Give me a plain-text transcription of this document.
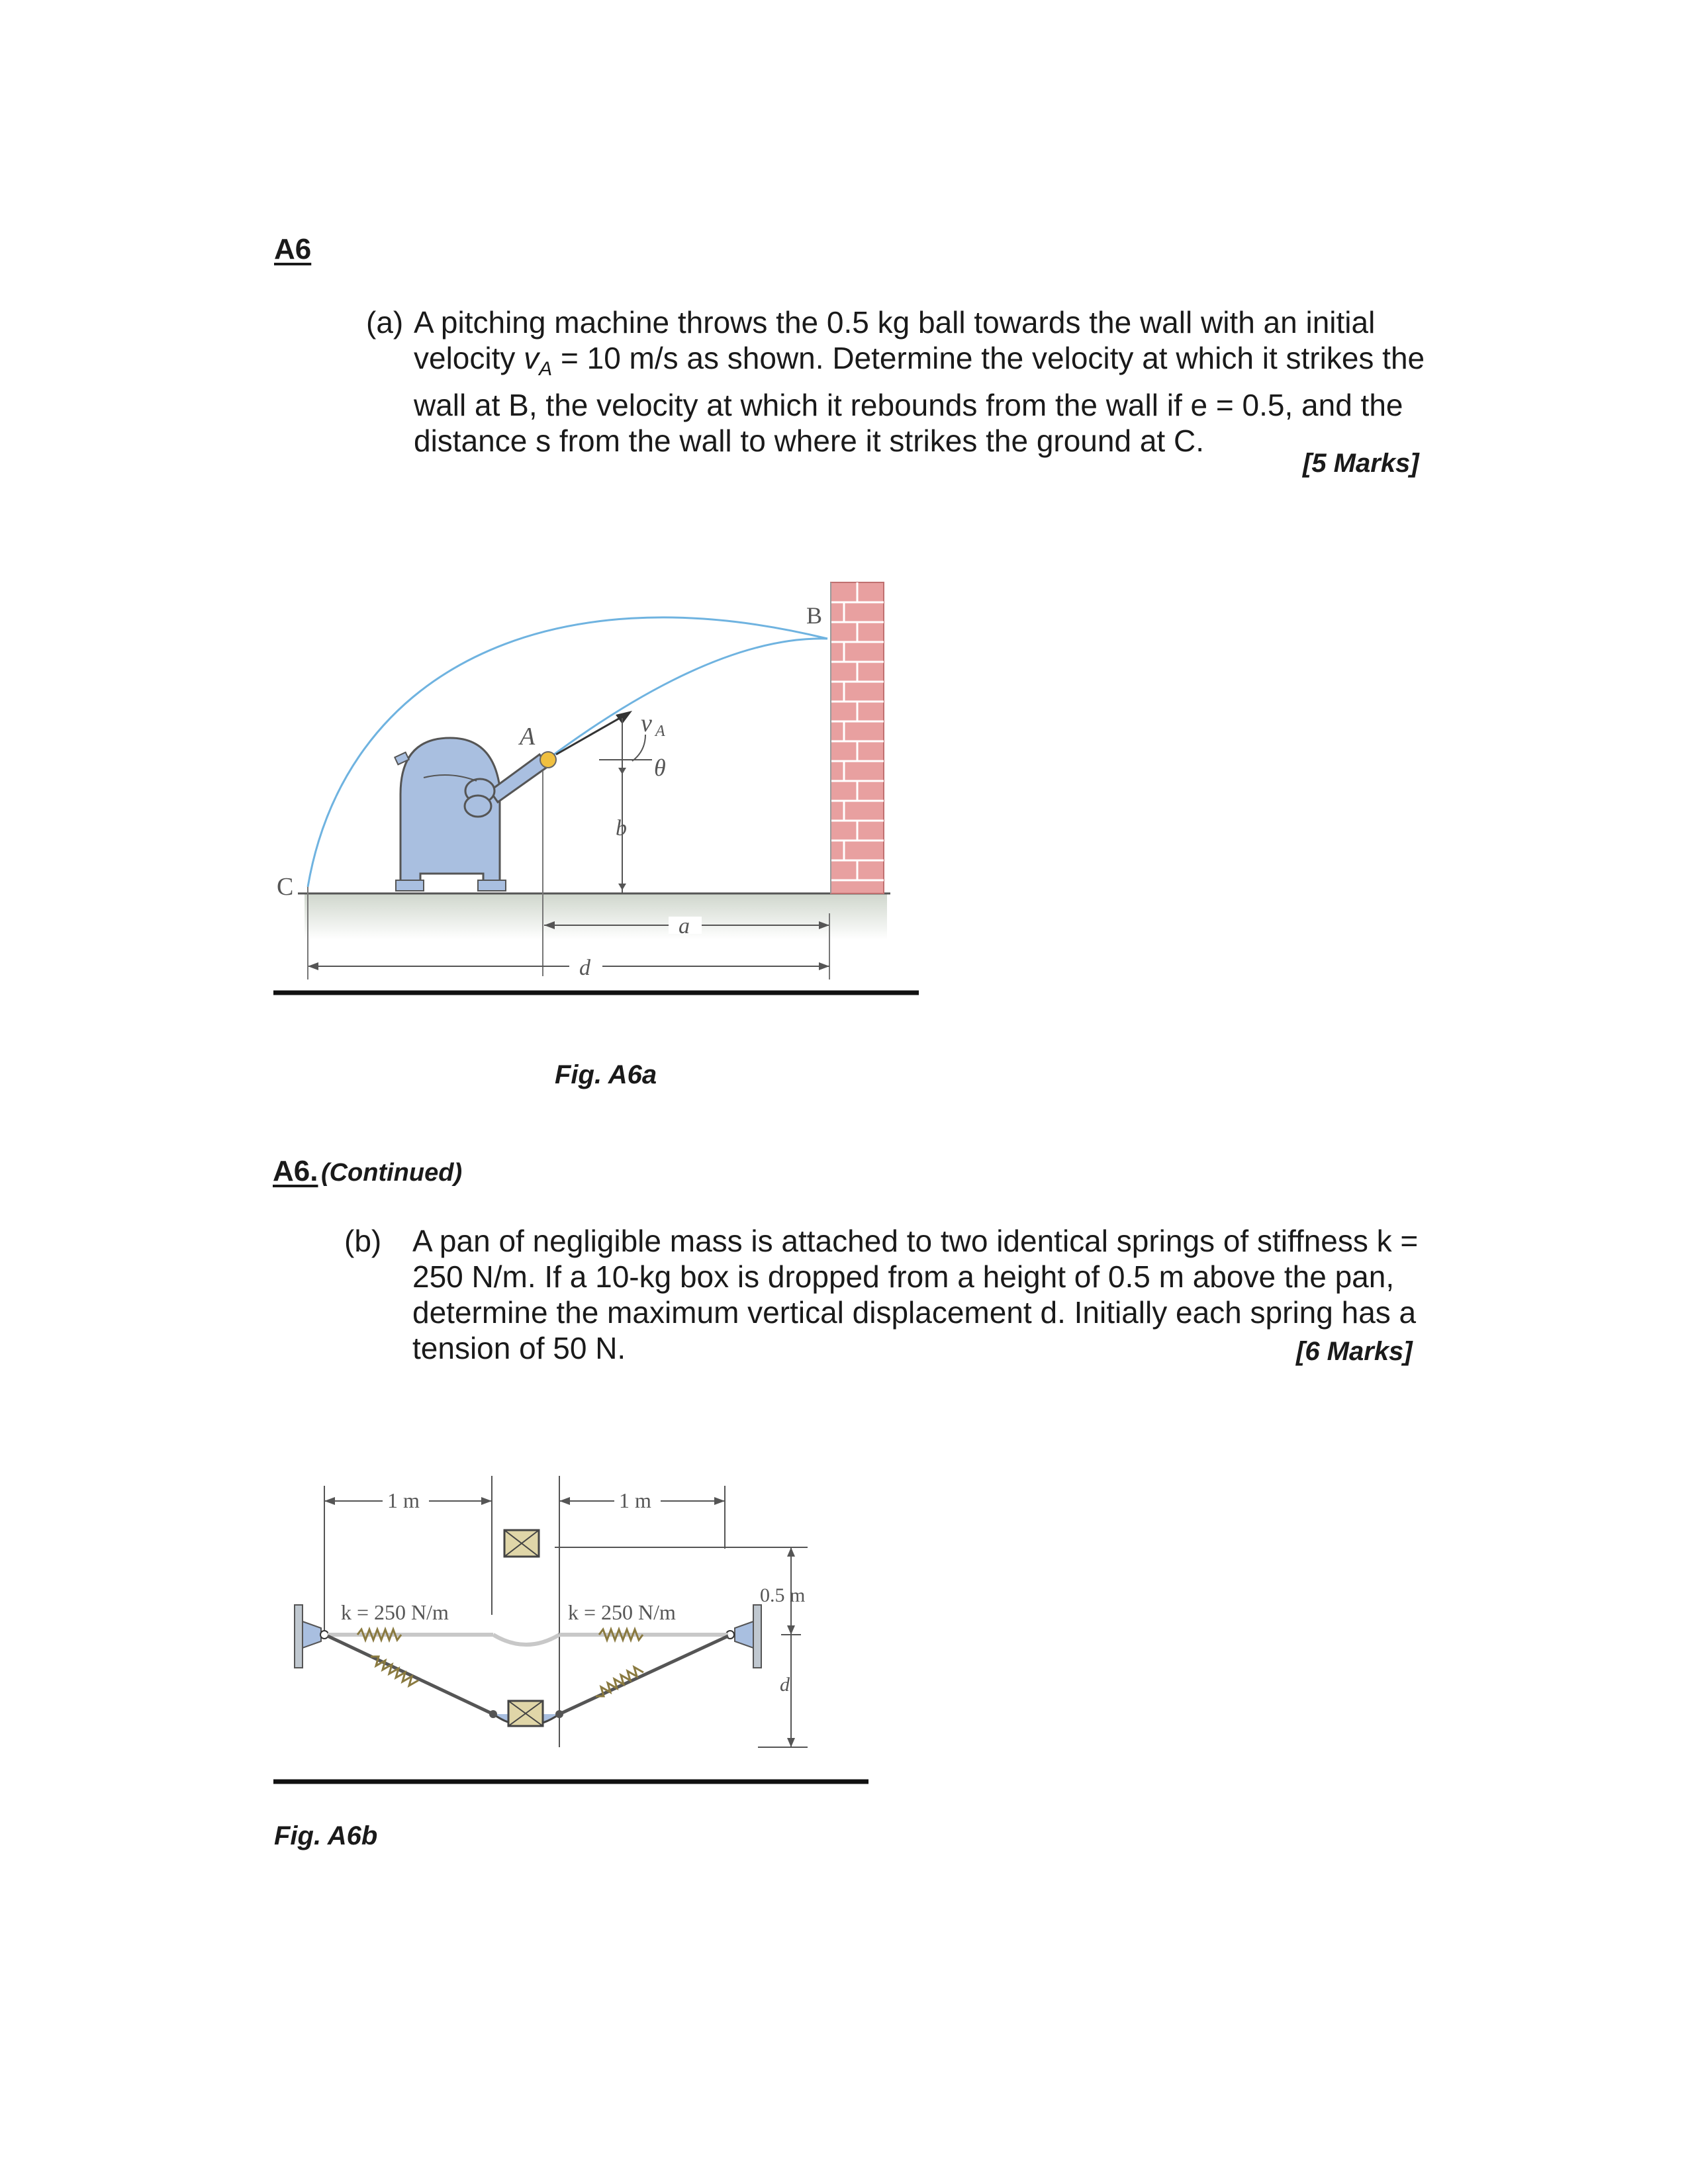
A6
(a) A pitching machine throws the 0.5 kg ball towards the wall with an initial
velocity $v_A = 10$ m/s as shown. Determine the velocity at which it strikes the
wall at B, the velocity at which it rebounds from the wall if e = 0.5, and the
distance s from the wall to where it strikes the ground at C.
[5 Marks]
B
A
C
v A
θ
b
a
d
Fig. A6a
A6. (Continued)
(b)	A pan of negligible mass is attached to two identical springs of stiffness k =
250 N/m. If a 10-kg box is dropped from a height of 0.5 m above the pan,
determine the maximum vertical displacement d. Initially each spring has a
tension of 50 N.	[6 Marks]
1 m	1 m
k = 250 N/m	k = 250 N/m
0.5 m
d
Fig. A6b
